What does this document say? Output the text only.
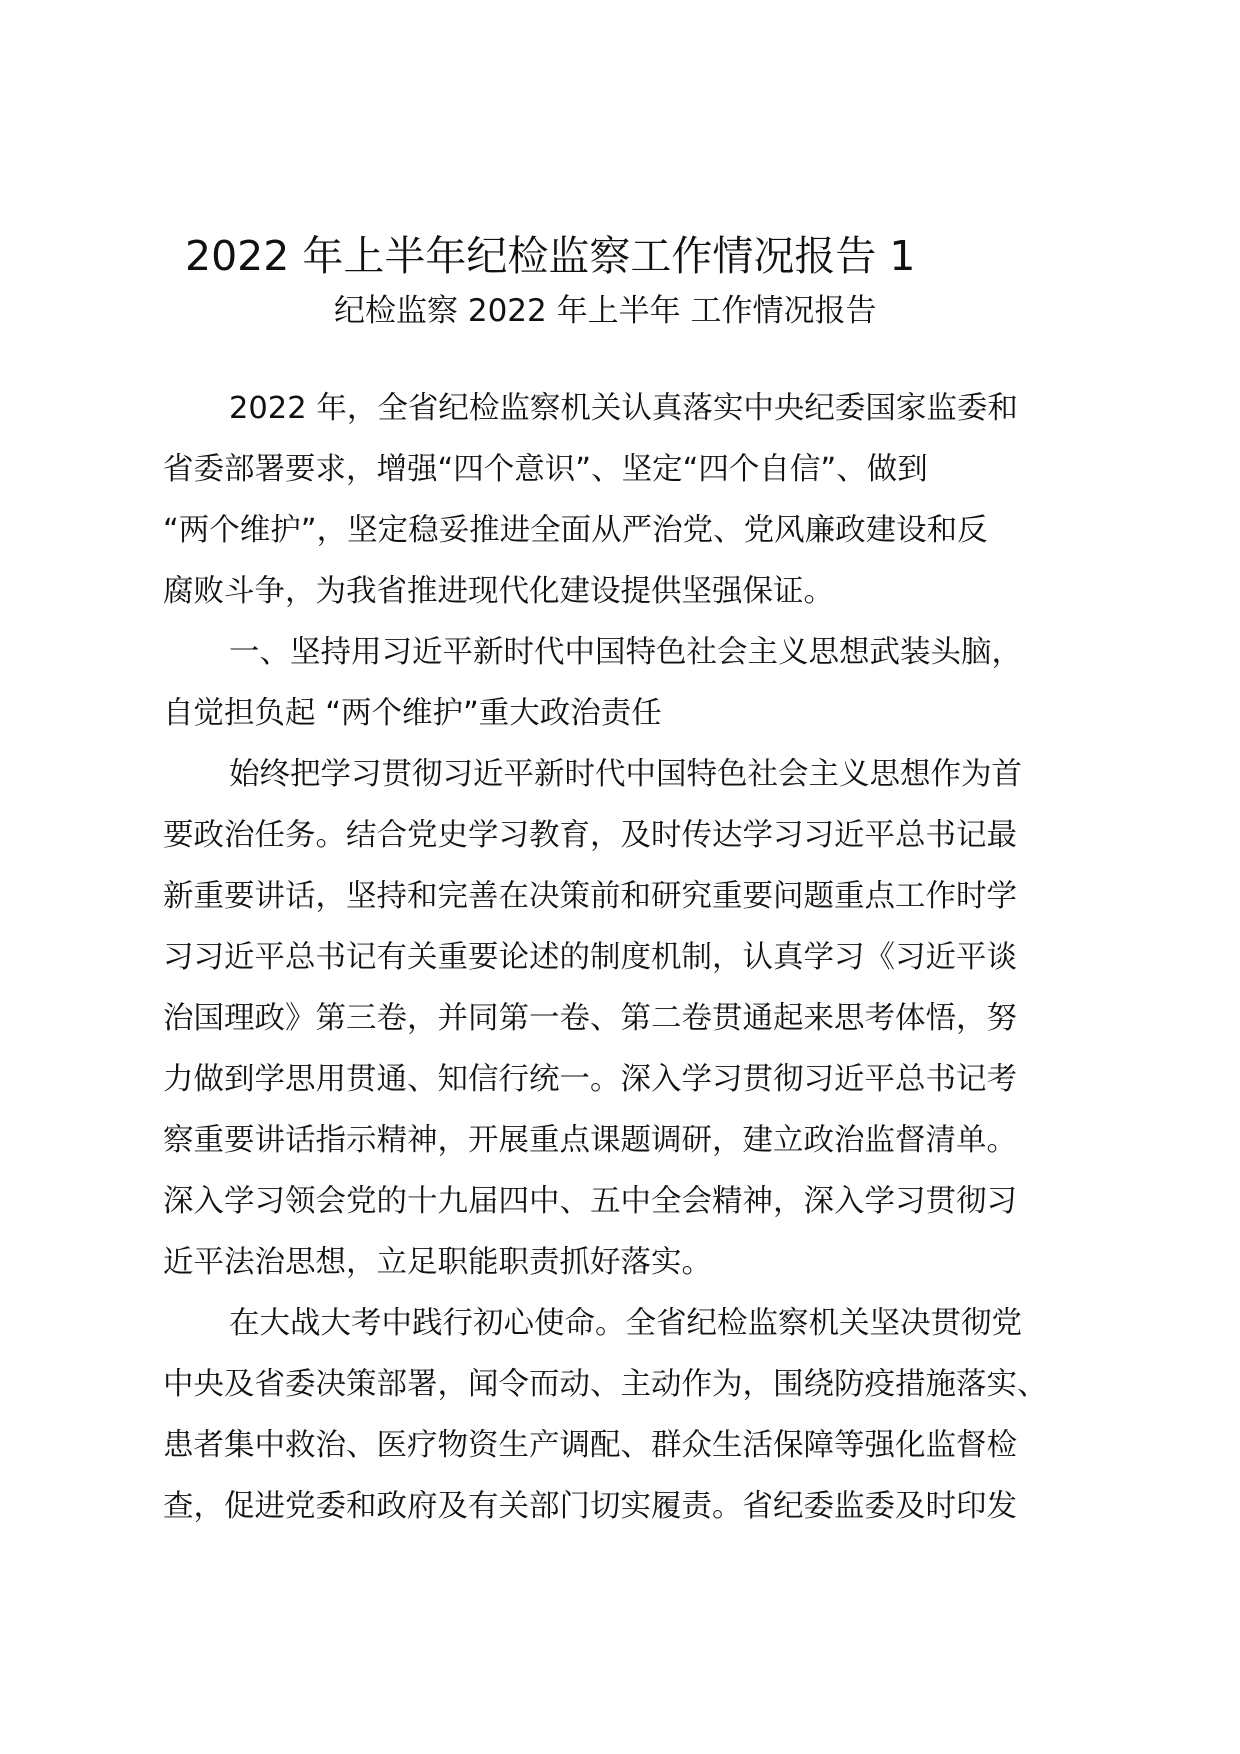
2022 年上半年纪检监察工作情况报告 1
纪检监察 2022 年上半年 工作情况报告

2022 年，全省纪检监察机关认真落实中央纪委国家监委和
省委部署要求，增强“四个意识”、坚定“四个自信”、做到
“两个维护”，坚定稳妥推进全面从严治党、党风廉政建设和反
腐败斗争，为我省推进现代化建设提供坚强保证。

一、坚持用习近平新时代中国特色社会主义思想武装头脑，
自觉担负起 “两个维护”重大政治责任

始终把学习贯彻习近平新时代中国特色社会主义思想作为首
要政治任务。结合党史学习教育，及时传达学习习近平总书记最
新重要讲话，坚持和完善在决策前和研究重要问题重点工作时学
习习近平总书记有关重要论述的制度机制，认真学习《习近平谈
治国理政》第三卷，并同第一卷、第二卷贯通起来思考体悟，努
力做到学思用贯通、知信行统一。深入学习贯彻习近平总书记考
察重要讲话指示精神，开展重点课题调研，建立政治监督清单。
深入学习领会党的十九届四中、五中全会精神，深入学习贯彻习
近平法治思想，立足职能职责抓好落实。

在大战大考中践行初心使命。全省纪检监察机关坚决贯彻党
中央及省委决策部署，闻令而动、主动作为，围绕防疫措施落实、
患者集中救治、医疗物资生产调配、群众生活保障等强化监督检
查，促进党委和政府及有关部门切实履责。省纪委监委及时印发
